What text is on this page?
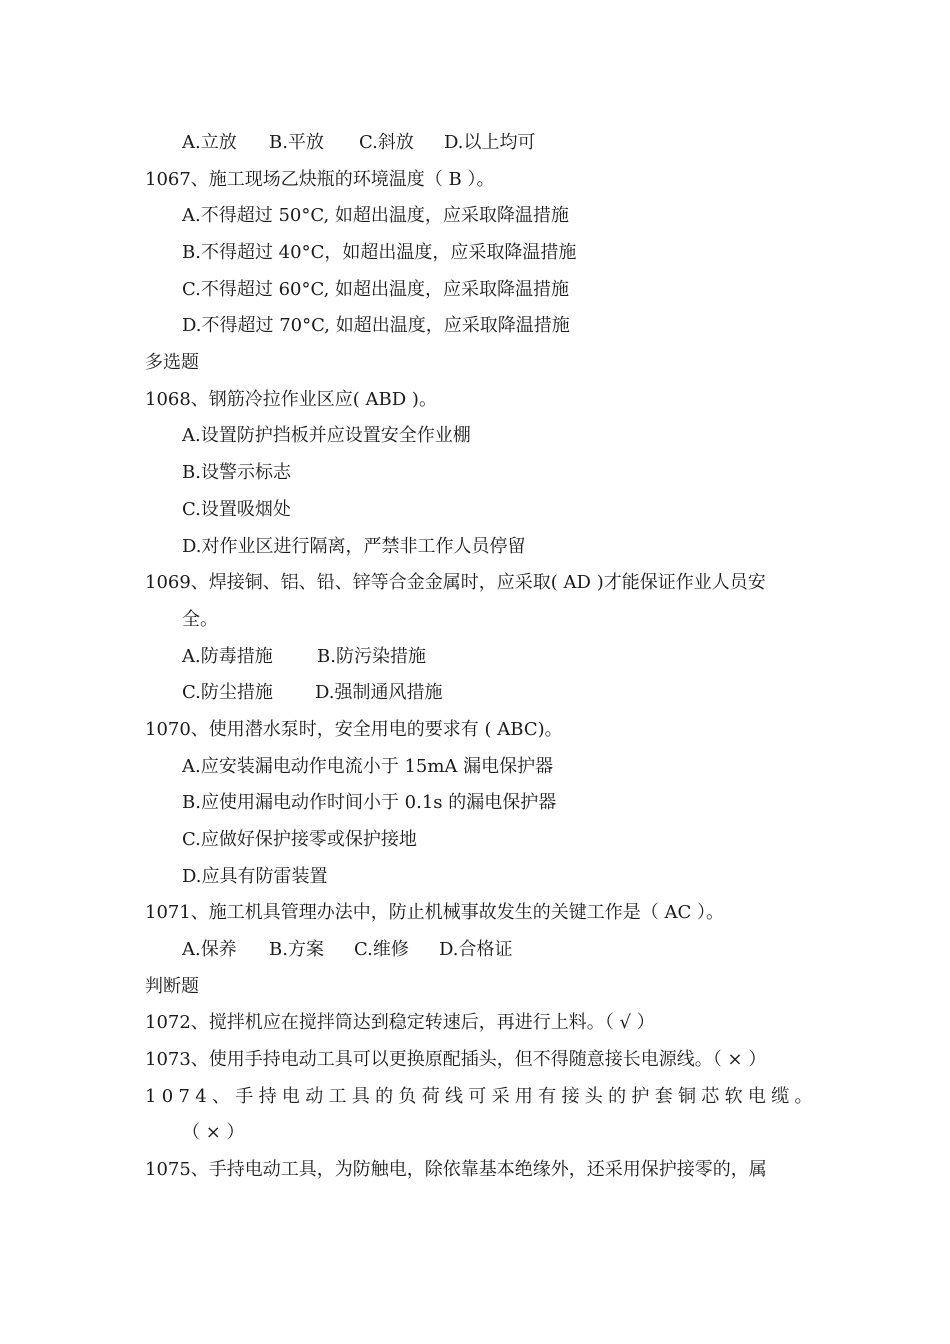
A.立放 B.平放 C.斜放 D.以上均可
1067、施工现场乙炔瓶的环境温度（ B ）。
A.不得超过 50°C, 如超出温度，应采取降温措施
B.不得超过 40°C，如超出温度，应采取降温措施
C.不得超过 60°C, 如超出温度，应采取降温措施
D.不得超过 70°C, 如超出温度，应采取降温措施
多选题
1068、钢筋冷拉作业区应( ABD )。
A.设置防护挡板并应设置安全作业棚
B.设警示标志
C.设置吸烟处
D.对作业区进行隔离，严禁非工作人员停留
1069、焊接铜、铝、铅、锌等合金金属时，应采取( AD )才能保证作业人员安
全。
A.防毒措施 B.防污染措施
C.防尘措施 D.强制通风措施
1070、使用潜水泵时，安全用电的要求有 ( ABC)。
A.应安装漏电动作电流小于 15mA 漏电保护器
B.应使用漏电动作时间小于 0.1s 的漏电保护器
C.应做好保护接零或保护接地
D.应具有防雷装置
1071、施工机具管理办法中，防止机械事故发生的关键工作是（ AC ）。
A.保养 B.方案 C.维修 D.合格证
判断题
1072、搅拌机应在搅拌筒达到稳定转速后，再进行上料。（ √ ）
1073、使用手持电动工具可以更换原配插头，但不得随意接长电源线。（ × ）
1074、手持电动工具的负荷线可采用有接头的护套铜芯软电缆。
（ × ）
1075、手持电动工具，为防触电，除依靠基本绝缘外，还采用保护接零的，属
